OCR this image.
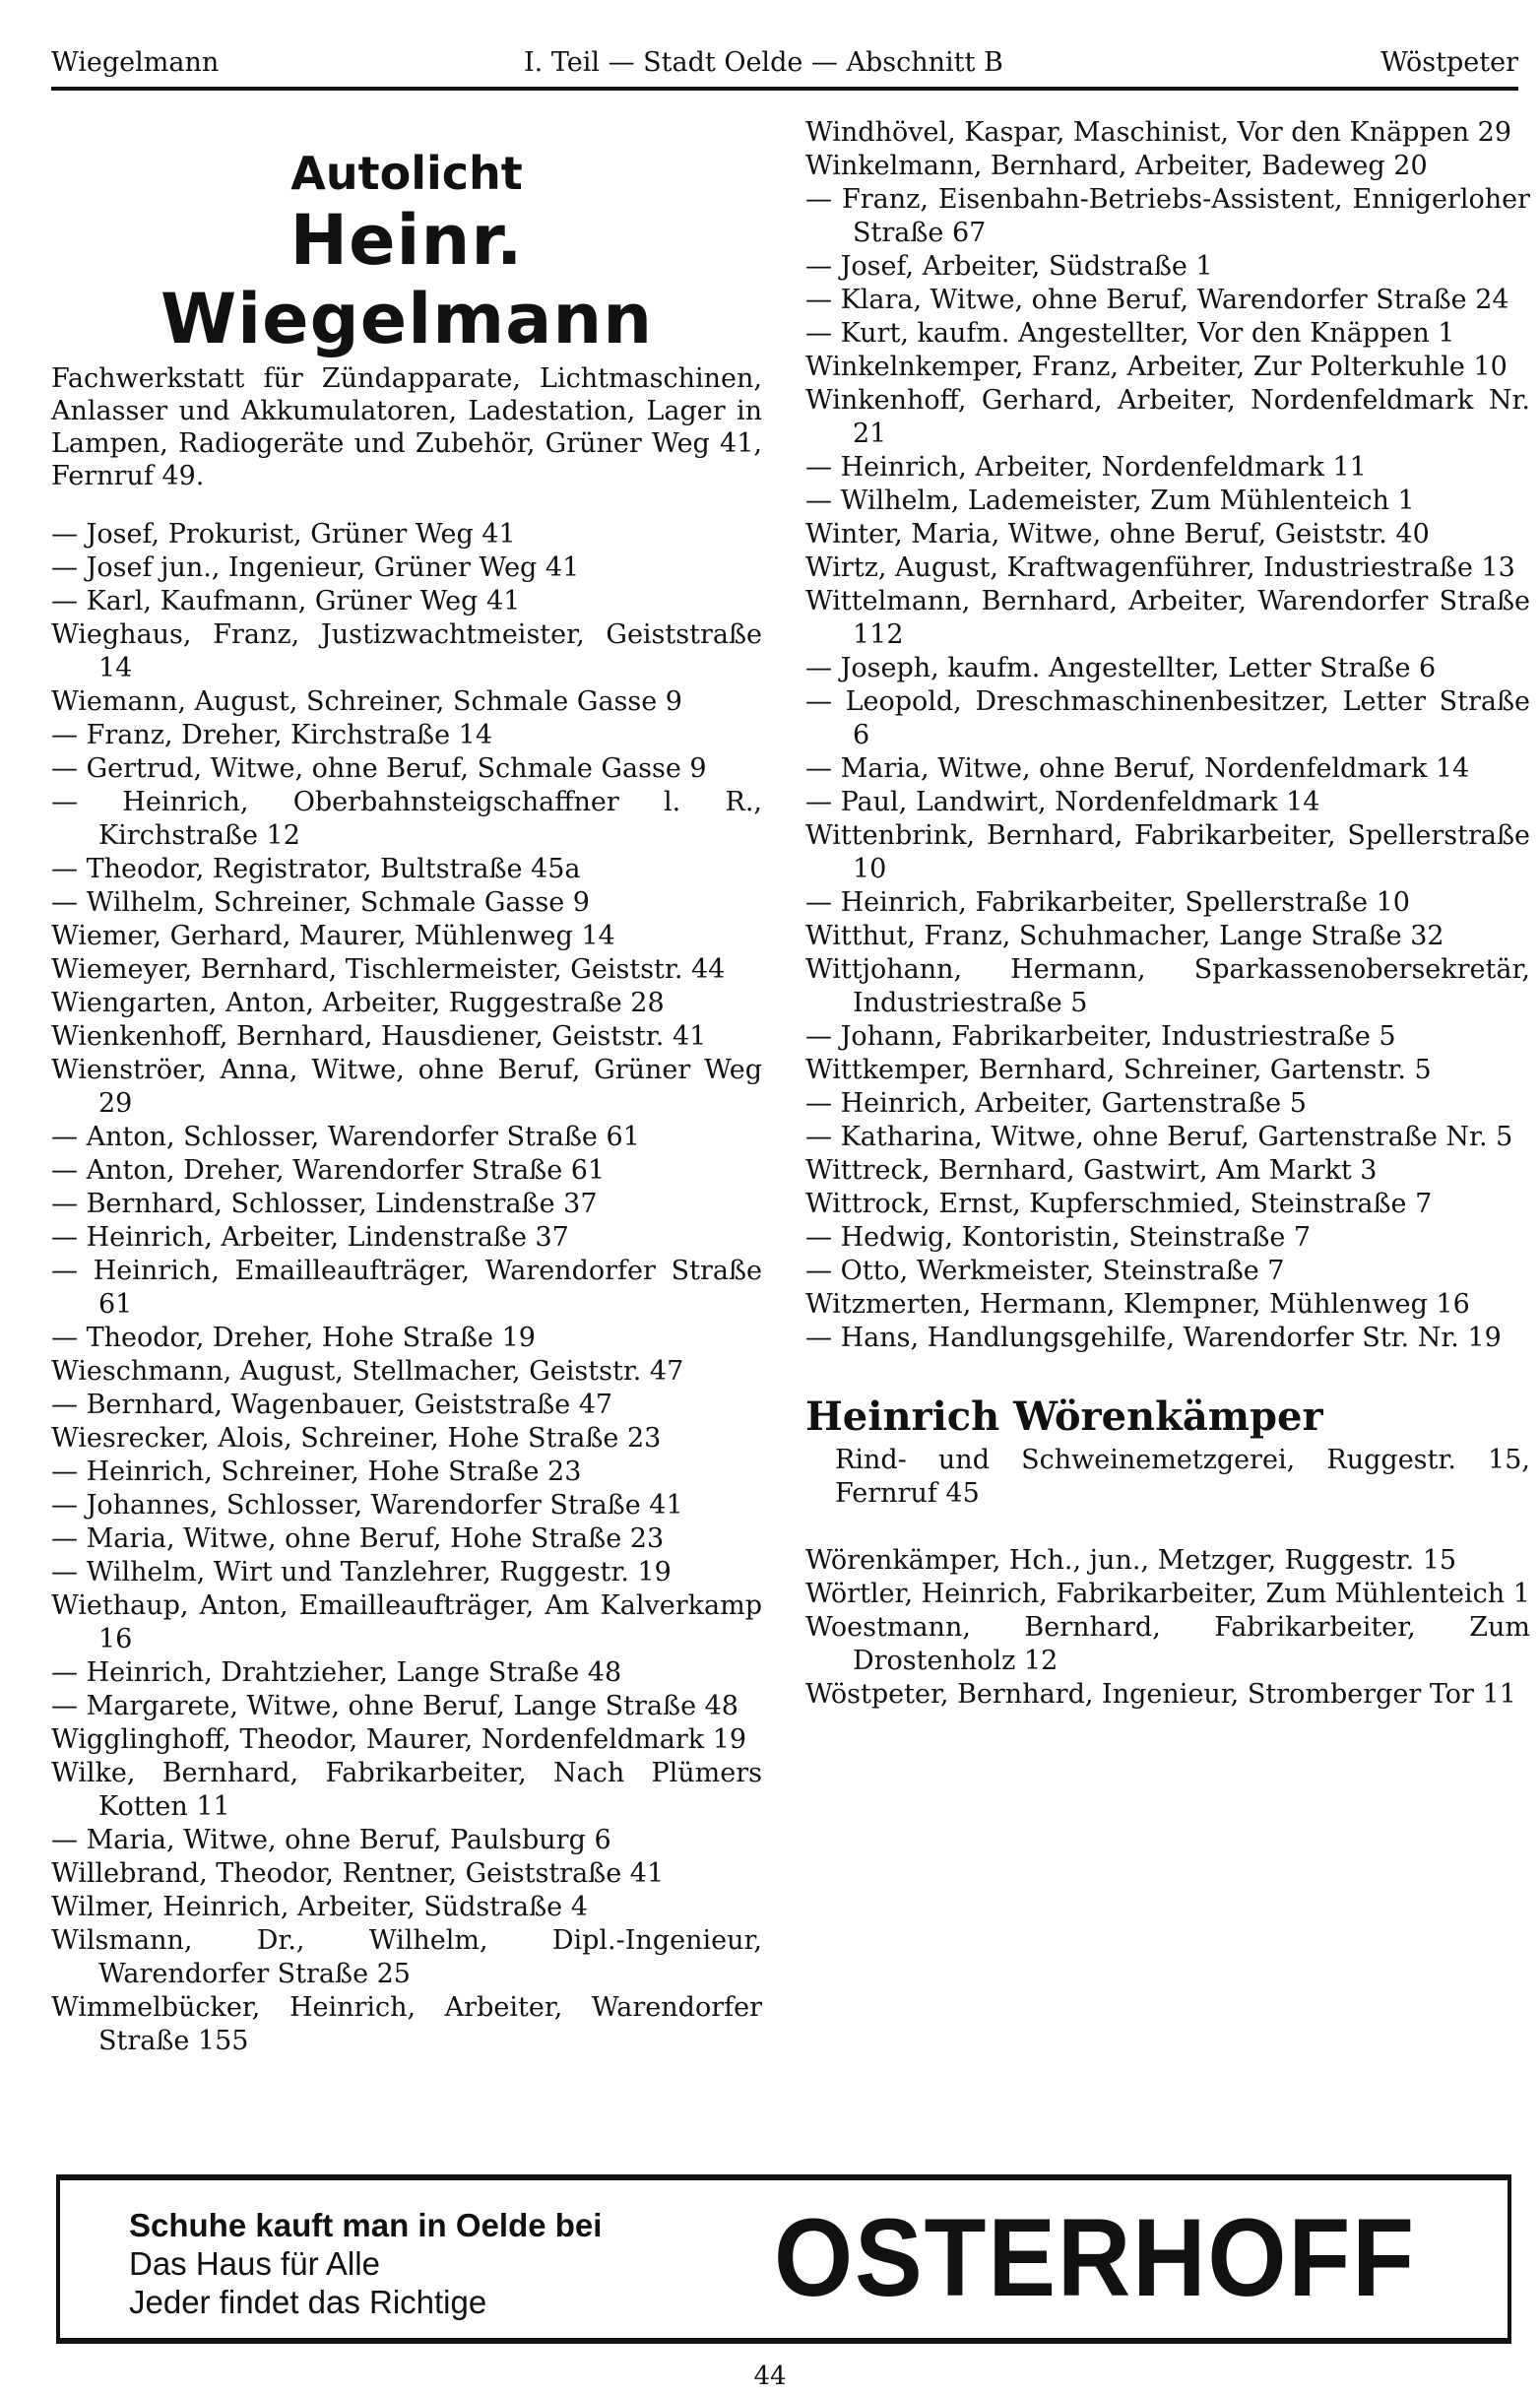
Wiegelmann	I. Teil — Stadt Oelde — Abschnitt B	Wöstpeter
Autolicht
Heinr. Wiegelmann
Fachwerkstatt für Zündapparate, Lichtmaschinen, Anlasser und Akkumulatoren, Ladestation, Lager in Lampen, Radiogeräte und Zubehör, Grüner Weg 41, Fernruf 49.
— Josef, Prokurist, Grüner Weg 41
— Josef jun., Ingenieur, Grüner Weg 41
— Karl, Kaufmann, Grüner Weg 41
Wieghaus, Franz, Justizwachtmeister, Geiststraße 14
Wiemann, August, Schreiner, Schmale Gasse 9
— Franz, Dreher, Kirchstraße 14
— Gertrud, Witwe, ohne Beruf, Schmale Gasse 9
— Heinrich, Oberbahnsteigschaffner l. R., Kirchstraße 12
— Theodor, Registrator, Bultstraße 45a
— Wilhelm, Schreiner, Schmale Gasse 9
Wiemer, Gerhard, Maurer, Mühlenweg 14
Wiemeyer, Bernhard, Tischlermeister, Geiststr. 44
Wiengarten, Anton, Arbeiter, Ruggestraße 28
Wienkenhoff, Bernhard, Hausdiener, Geiststr. 41
Wienströer, Anna, Witwe, ohne Beruf, Grüner Weg 29
— Anton, Schlosser, Warendorfer Straße 61
— Anton, Dreher, Warendorfer Straße 61
— Bernhard, Schlosser, Lindenstraße 37
— Heinrich, Arbeiter, Lindenstraße 37
— Heinrich, Emailleaufträger, Warendorfer Straße 61
— Theodor, Dreher, Hohe Straße 19
Wieschmann, August, Stellmacher, Geiststr. 47
— Bernhard, Wagenbauer, Geiststraße 47
Wiesrecker, Alois, Schreiner, Hohe Straße 23
— Heinrich, Schreiner, Hohe Straße 23
— Johannes, Schlosser, Warendorfer Straße 41
— Maria, Witwe, ohne Beruf, Hohe Straße 23
— Wilhelm, Wirt und Tanzlehrer, Ruggestr. 19
Wiethaup, Anton, Emailleaufträger, Am Kalverkamp 16
— Heinrich, Drahtzieher, Lange Straße 48
— Margarete, Witwe, ohne Beruf, Lange Straße 48
Wigglinghoff, Theodor, Maurer, Nordenfeldmark 19
Wilke, Bernhard, Fabrikarbeiter, Nach Plümers Kotten 11
— Maria, Witwe, ohne Beruf, Paulsburg 6
Willebrand, Theodor, Rentner, Geiststraße 41
Wilmer, Heinrich, Arbeiter, Südstraße 4
Wilsmann, Dr., Wilhelm, Dipl.-Ingenieur, Warendorfer Straße 25
Wimmelbücker, Heinrich, Arbeiter, Warendorfer Straße 155
Windhövel, Kaspar, Maschinist, Vor den Knäppen 29
Winkelmann, Bernhard, Arbeiter, Badeweg 20
— Franz, Eisenbahn-Betriebs-Assistent, Ennigerloher Straße 67
— Josef, Arbeiter, Südstraße 1
— Klara, Witwe, ohne Beruf, Warendorfer Straße 24
— Kurt, kaufm. Angestellter, Vor den Knäppen 1
Winkelnkemper, Franz, Arbeiter, Zur Polterkuhle 10
Winkenhoff, Gerhard, Arbeiter, Nordenfeldmark Nr. 21
— Heinrich, Arbeiter, Nordenfeldmark 11
— Wilhelm, Lademeister, Zum Mühlenteich 1
Winter, Maria, Witwe, ohne Beruf, Geiststr. 40
Wirtz, August, Kraftwagenführer, Industriestraße 13
Wittelmann, Bernhard, Arbeiter, Warendorfer Straße 112
— Joseph, kaufm. Angestellter, Letter Straße 6
— Leopold, Dreschmaschinenbesitzer, Letter Straße 6
— Maria, Witwe, ohne Beruf, Nordenfeldmark 14
— Paul, Landwirt, Nordenfeldmark 14
Wittenbrink, Bernhard, Fabrikarbeiter, Spellerstraße 10
— Heinrich, Fabrikarbeiter, Spellerstraße 10
Witthut, Franz, Schuhmacher, Lange Straße 32
Wittjohann, Hermann, Sparkassenobersekretär, Industriestraße 5
— Johann, Fabrikarbeiter, Industriestraße 5
Wittkemper, Bernhard, Schreiner, Gartenstr. 5
— Heinrich, Arbeiter, Gartenstraße 5
— Katharina, Witwe, ohne Beruf, Gartenstraße Nr. 5
Wittreck, Bernhard, Gastwirt, Am Markt 3
Wittrock, Ernst, Kupferschmied, Steinstraße 7
— Hedwig, Kontoristin, Steinstraße 7
— Otto, Werkmeister, Steinstraße 7
Witzmerten, Hermann, Klempner, Mühlenweg 16
— Hans, Handlungsgehilfe, Warendorfer Str. Nr. 19
Heinrich Wörenkämper
Rind- und Schweinemetzgerei, Ruggestr. 15, Fernruf 45
Wörenkämper, Hch., jun., Metzger, Ruggestr. 15
Wörtler, Heinrich, Fabrikarbeiter, Zum Mühlenteich 1
Woestmann, Bernhard, Fabrikarbeiter, Zum Drostenholz 12
Wöstpeter, Bernhard, Ingenieur, Stromberger Tor 11
Schuhe kauft man in Oelde bei
Das Haus für Alle
Jeder findet das Richtige	OSTERHOFF
44
